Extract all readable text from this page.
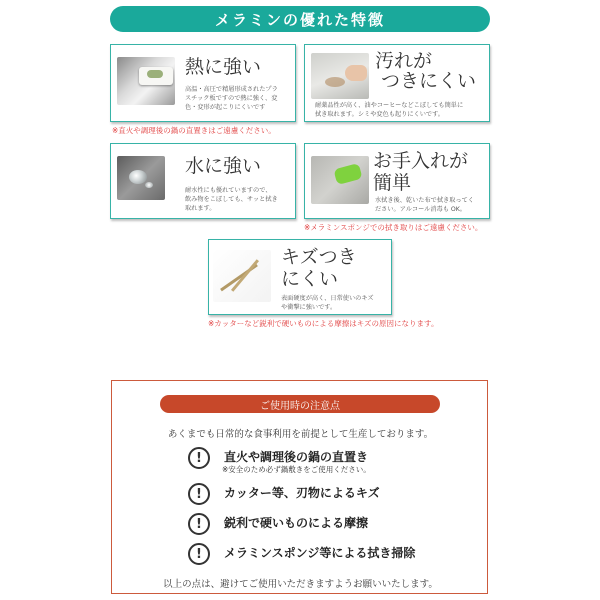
メラミンの優れた特徴
熱に強い
高温・高圧で精層形成されたプラ
スチック板ですので熱に強く、変
色・変形が起こりにくいです
※直火や調理後の鍋の直置きはご遠慮ください。
汚れが
つきにくい
耐薬品性が高く、油やコーヒーなどこぼしても簡単に
拭き取れます。シミや変色も起りにくいです。
水に強い
耐水性にも優れていますので、
飲み物をこぼしても、サッと拭き
取れます。
お手入れが
簡単
水拭き後、乾いた布で拭き取ってく
ださい。アルコール消毒も OK。
※メラミンスポンジでの拭き取りはご遠慮ください。
キズつき
にくい
表面硬度が高く、日常使いのキズ
や衝撃に強いです。
※カッターなど鋭利で硬いものによる摩擦はキズの原因になります。
ご使用時の注意点
あくまでも日常的な食事利用を前提として生産しております。
!	直火や調理後の鍋の直置き
※安全のため必ず鍋敷きをご使用ください。
!	カッター等、刃物によるキズ
!	鋭利で硬いものによる摩擦
!	メラミンスポンジ等による拭き掃除
以上の点は、避けてご使用いただきますようお願いいたします。
